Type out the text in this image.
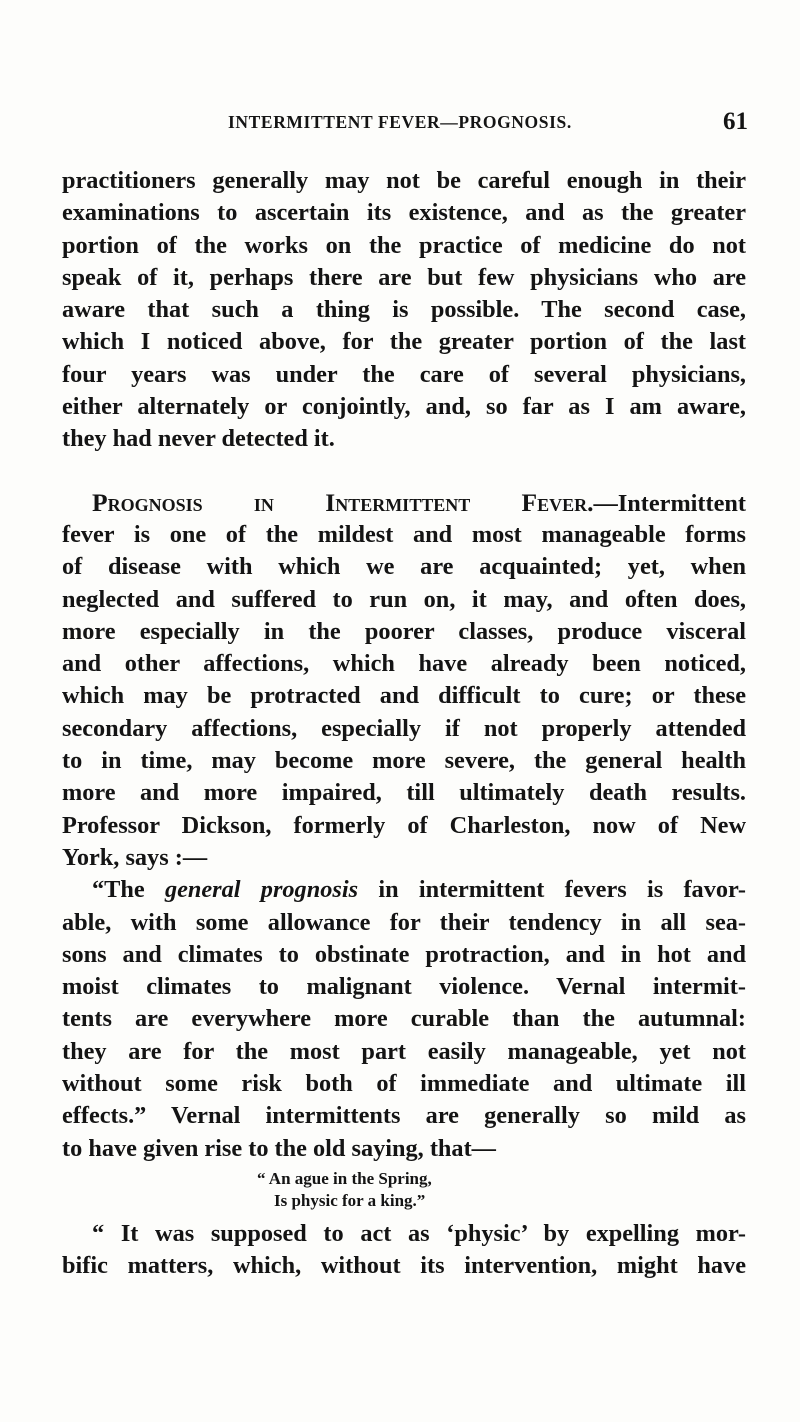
INTERMITTENT FEVER—PROGNOSIS.	61
practitioners generally may not be careful enough in their
examinations to ascertain its existence, and as the greater
portion of the works on the practice of medicine do not
speak of it, perhaps there are but few physicians who are
aware that such a thing is possible. The second case,
which I noticed above, for the greater portion of the last
four years was under the care of several physicians,
either alternately or conjointly, and, so far as I am aware,
they had never detected it.
Prognosis in Intermittent Fever.—Intermittent
fever is one of the mildest and most manageable forms
of disease with which we are acquainted; yet, when
neglected and suffered to run on, it may, and often does,
more especially in the poorer classes, produce visceral
and other affections, which have already been noticed,
which may be protracted and difficult to cure; or these
secondary affections, especially if not properly attended
to in time, may become more severe, the general health
more and more impaired, till ultimately death results.
Professor Dickson, formerly of Charleston, now of New
York, says :—
“The general prognosis in intermittent fevers is favor-
able, with some allowance for their tendency in all sea-
sons and climates to obstinate protraction, and in hot and
moist climates to malignant violence. Vernal intermit-
tents are everywhere more curable than the autumnal:
they are for the most part easily manageable, yet not
without some risk both of immediate and ultimate ill
effects.” Vernal intermittents are generally so mild as
to have given rise to the old saying, that—
“ An ague in the Spring,
Is physic for a king.”
“ It was supposed to act as ‘physic’ by expelling mor-
bific matters, which, without its intervention, might have
